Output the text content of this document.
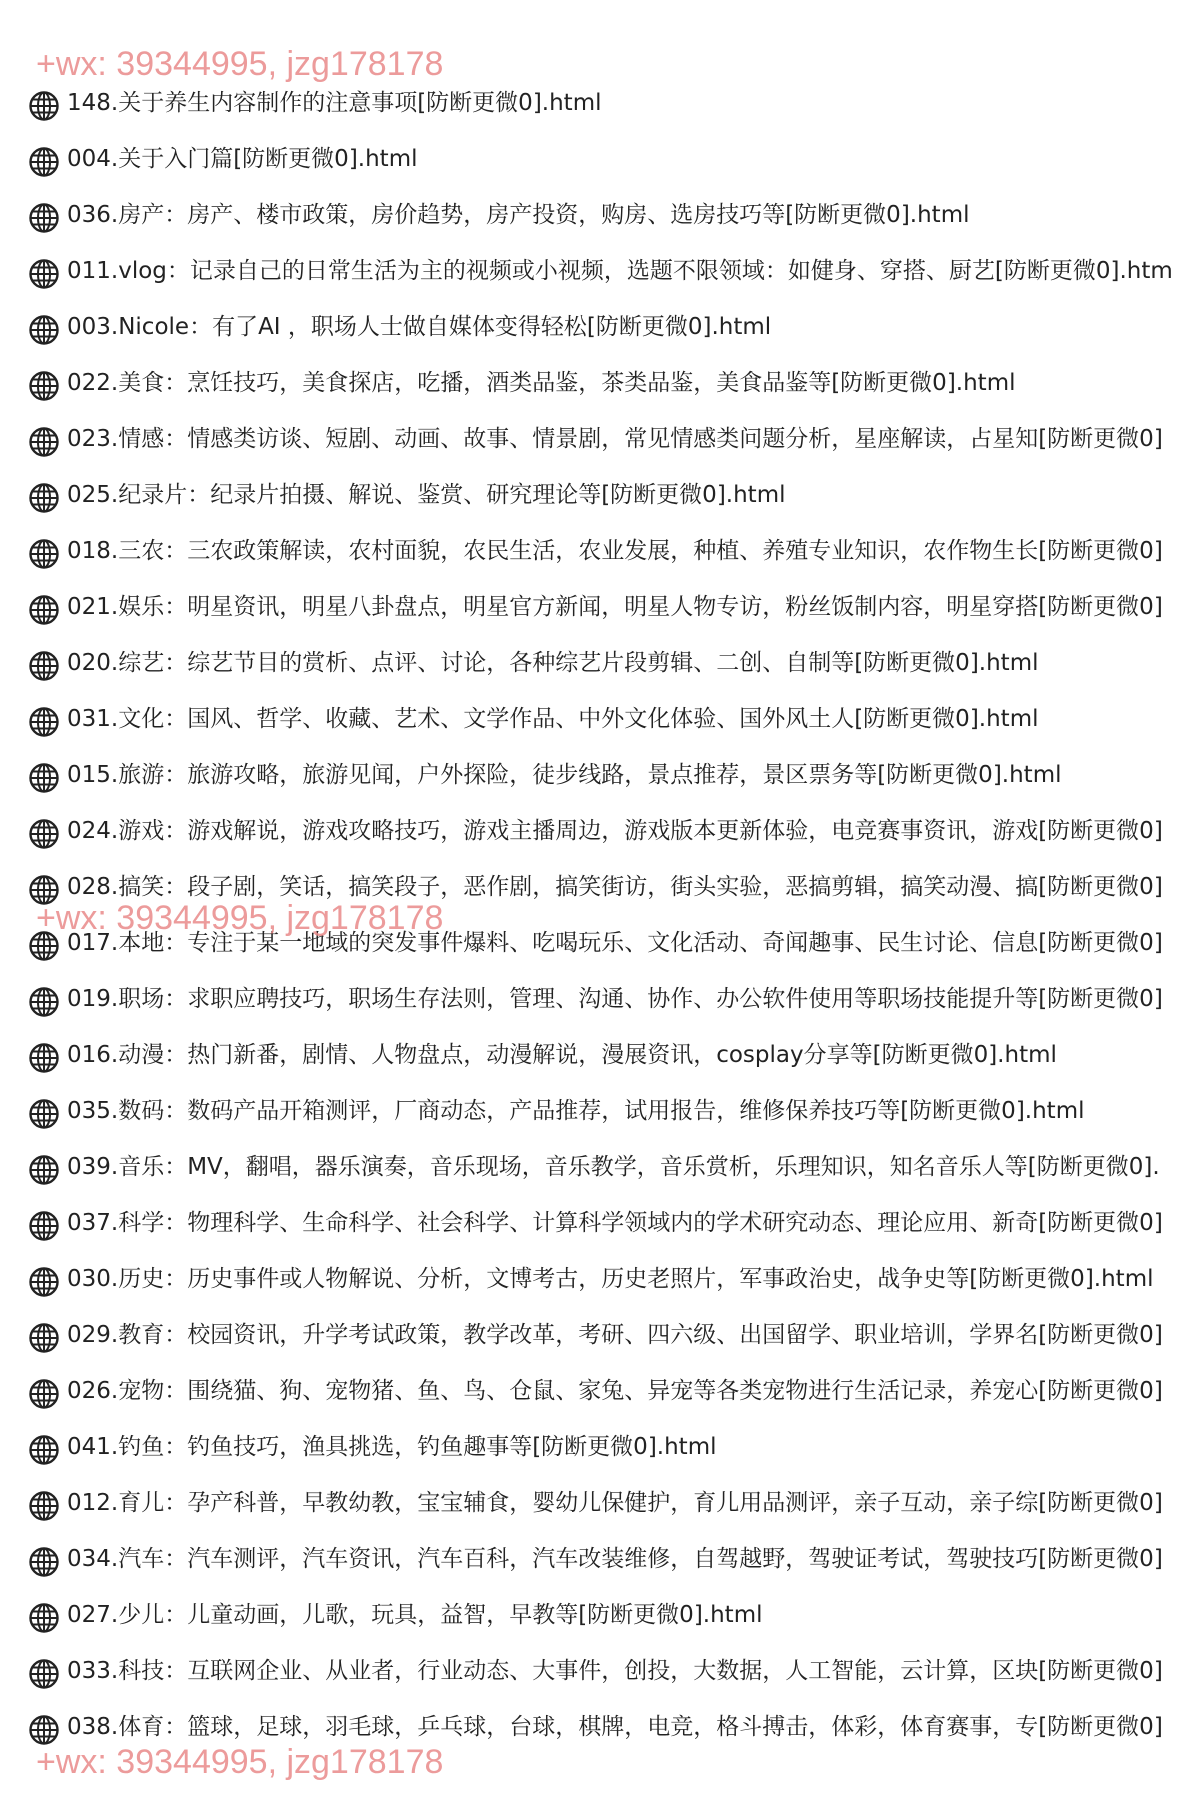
148.关于养生内容制作的注意事项[防断更微0].html
004.关于入门篇[防断更微0].html
036.房产：房产、楼市政策，房价趋势，房产投资，购房、选房技巧等[防断更微0].html
011.vlog：记录自己的日常生活为主的视频或小视频，选题不限领域：如健身、穿搭、厨艺[防断更微0].htm
003.Nicole：有了AI ，职场人士做自媒体变得轻松[防断更微0].html
022.美食：烹饪技巧，美食探店，吃播，酒类品鉴，茶类品鉴，美食品鉴等[防断更微0].html
023.情感：情感类访谈、短剧、动画、故事、情景剧，常见情感类问题分析，星座解读，占星知[防断更微0]
025.纪录片：纪录片拍摄、解说、鉴赏、研究理论等[防断更微0].html
018.三农：三农政策解读，农村面貌，农民生活，农业发展，种植、养殖专业知识，农作物生长[防断更微0]
021.娱乐：明星资讯，明星八卦盘点，明星官方新闻，明星人物专访，粉丝饭制内容，明星穿搭[防断更微0]
020.综艺：综艺节目的赏析、点评、讨论，各种综艺片段剪辑、二创、自制等[防断更微0].html
031.文化：国风、哲学、收藏、艺术、文学作品、中外文化体验、国外风土人[防断更微0].html
015.旅游：旅游攻略，旅游见闻，户外探险，徒步线路，景点推荐，景区票务等[防断更微0].html
024.游戏：游戏解说，游戏攻略技巧，游戏主播周边，游戏版本更新体验，电竞赛事资讯，游戏[防断更微0]
028.搞笑：段子剧，笑话，搞笑段子，恶作剧，搞笑街访，街头实验，恶搞剪辑，搞笑动漫、搞[防断更微0]
017.本地：专注于某一地域的突发事件爆料、吃喝玩乐、文化活动、奇闻趣事、民生讨论、信息[防断更微0]
019.职场：求职应聘技巧，职场生存法则，管理、沟通、协作、办公软件使用等职场技能提升等[防断更微0]
016.动漫：热门新番，剧情、人物盘点，动漫解说，漫展资讯，cosplay分享等[防断更微0].html
035.数码：数码产品开箱测评，厂商动态，产品推荐，试用报告，维修保养技巧等[防断更微0].html
039.音乐：MV，翻唱，器乐演奏，音乐现场，音乐教学，音乐赏析，乐理知识，知名音乐人等[防断更微0].
037.科学：物理科学、生命科学、社会科学、计算科学领域内的学术研究动态、理论应用、新奇[防断更微0]
030.历史：历史事件或人物解说、分析，文博考古，历史老照片，军事政治史，战争史等[防断更微0].html
029.教育：校园资讯，升学考试政策，教学改革，考研、四六级、出国留学、职业培训，学界名[防断更微0]
026.宠物：围绕猫、狗、宠物猪、鱼、鸟、仓鼠、家兔、异宠等各类宠物进行生活记录，养宠心[防断更微0]
041.钓鱼：钓鱼技巧，渔具挑选，钓鱼趣事等[防断更微0].html
012.育儿：孕产科普，早教幼教，宝宝辅食，婴幼儿保健护，育儿用品测评，亲子互动，亲子综[防断更微0]
034.汽车：汽车测评，汽车资讯，汽车百科，汽车改装维修，自驾越野，驾驶证考试，驾驶技巧[防断更微0]
027.少儿：儿童动画，儿歌，玩具，益智，早教等[防断更微0].html
033.科技：互联网企业、从业者，行业动态、大事件，创投，大数据，人工智能，云计算，区块[防断更微0]
038.体育：篮球，足球，羽毛球，乒乓球，台球，棋牌，电竞，格斗搏击，体彩，体育赛事，专[防断更微0]
+wx: 39344995, jzg178178
+wx: 39344995, jzg178178
+wx: 39344995, jzg178178
